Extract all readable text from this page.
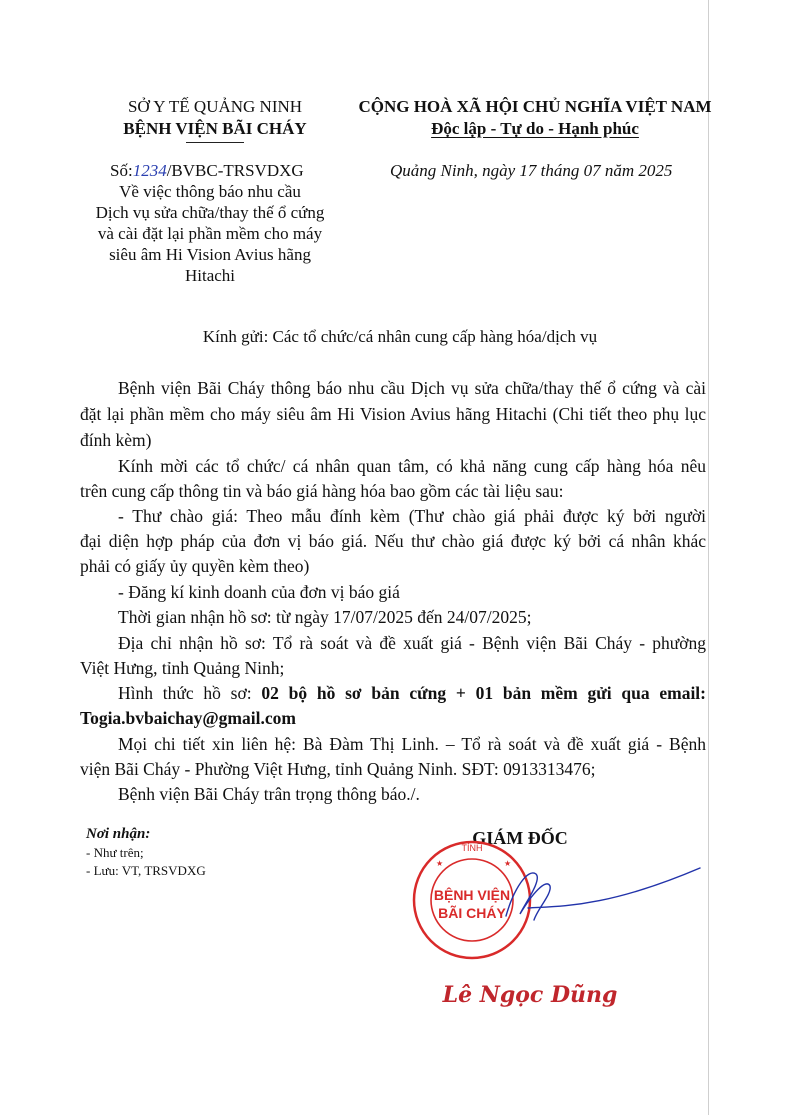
SỞ Y TẾ QUẢNG NINH
BỆNH VIỆN BÃI CHÁY
Số:1234/BVBC-TRSVDXG
Về việc thông báo nhu cầu
Dịch vụ sửa chữa/thay thế ổ cứng
và cài đặt lại phần mềm cho máy
siêu âm Hi Vision Avius hãng
Hitachi
CỘNG HOÀ XÃ HỘI CHỦ NGHĨA VIỆT NAM
Độc lập - Tự do - Hạnh phúc
Quảng Ninh, ngày 17 tháng 07 năm 2025
Kính gửi: Các tổ chức/cá nhân cung cấp hàng hóa/dịch vụ
Bệnh viện Bãi Cháy thông báo nhu cầu Dịch vụ sửa chữa/thay thế ổ cứng và cài
đặt lại phần mềm cho máy siêu âm Hi Vision Avius hãng Hitachi (Chi tiết theo phụ lục
đính kèm)
Kính mời các tổ chức/ cá nhân quan tâm, có khả năng cung cấp hàng hóa nêu
trên cung cấp thông tin và báo giá hàng hóa bao gồm các tài liệu sau:
- Thư chào giá: Theo mẫu đính kèm (Thư chào giá phải được ký bởi người
đại diện hợp pháp của đơn vị báo giá. Nếu thư chào giá được ký bởi cá nhân khác
phải có giấy ủy quyền kèm theo)
- Đăng kí kinh doanh của đơn vị báo giá
Thời gian nhận hồ sơ: từ ngày 17/07/2025 đến 24/07/2025;
Địa chỉ nhận hồ sơ: Tổ rà soát và đề xuất giá - Bệnh viện Bãi Cháy - phường
Việt Hưng, tỉnh Quảng Ninh;
Hình thức hồ sơ: 02 bộ hồ sơ bản cứng + 01 bản mềm gửi qua email:
Togia.bvbaichay@gmail.com
Mọi chi tiết xin liên hệ: Bà Đàm Thị Linh. – Tổ rà soát và đề xuất giá - Bệnh
viện Bãi Cháy - Phường Việt Hưng, tỉnh Quảng Ninh. SĐT: 0913313476;
Bệnh viện Bãi Cháy trân trọng thông báo./.
Nơi nhận:
- Như trên;
- Lưu: VT, TRSVDXG
GIÁM ĐỐC
TỈNH
★	★
BỆNH VIỆN
BÃI CHÁY
Lê Ngọc Dũng
